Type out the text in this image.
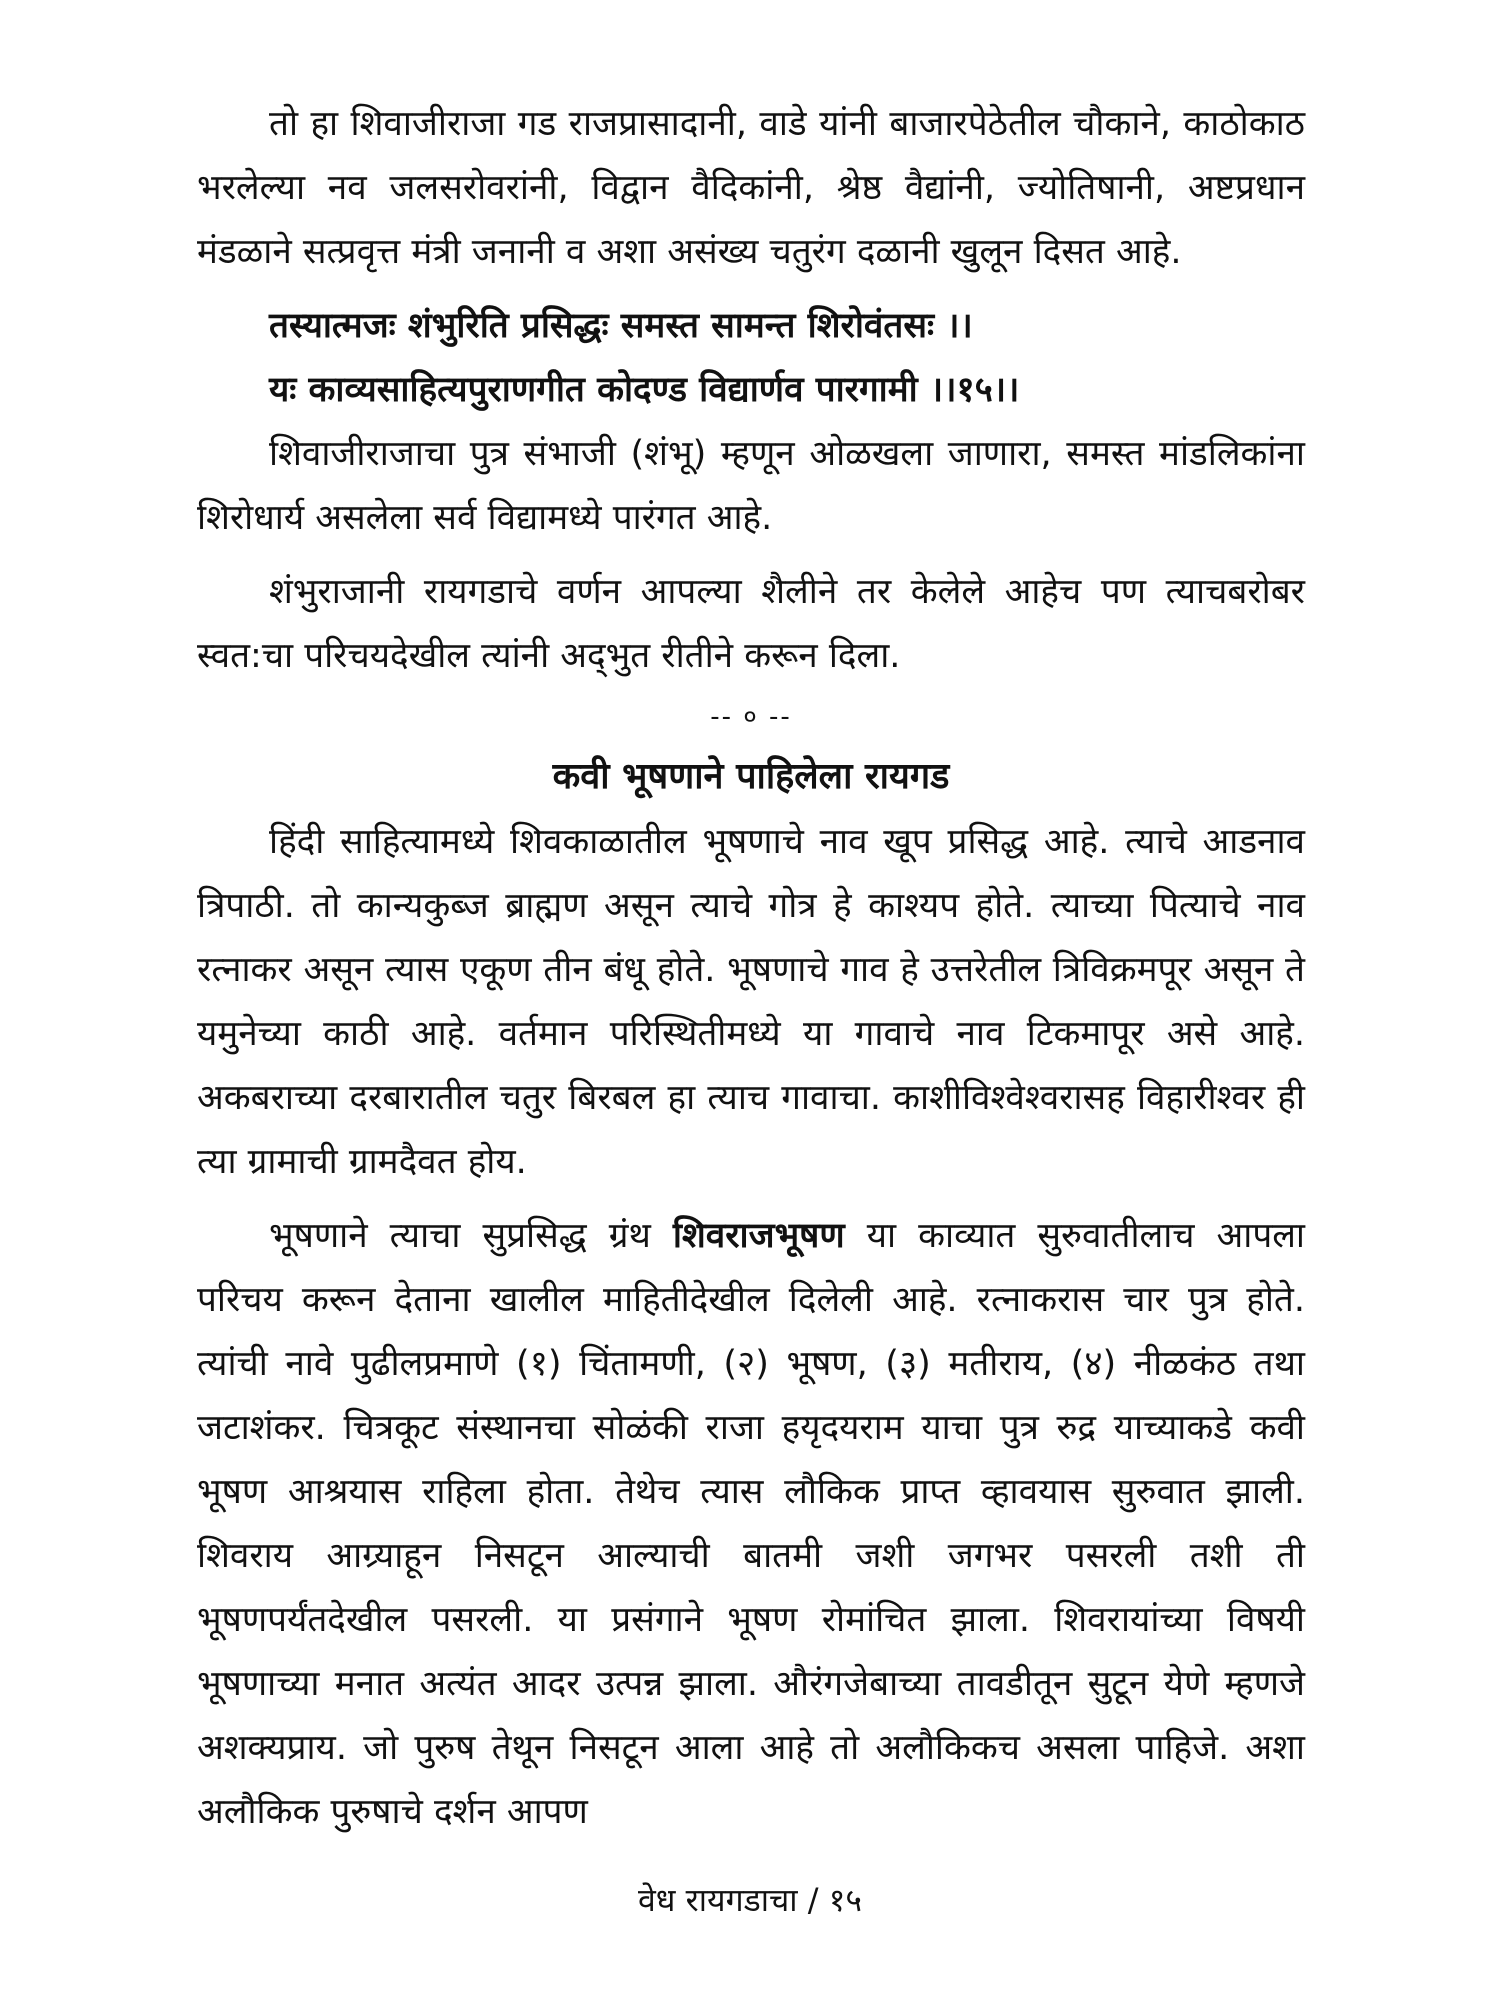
तो हा शिवाजीराजा गड राजप्रासादानी, वाडे यांनी बाजारपेठेतील चौकाने, काठोकाठ भरलेल्या नव जलसरोवरांनी, विद्वान वैदिकांनी, श्रेष्ठ वैद्यांनी, ज्योतिषानी, अष्टप्रधान मंडळाने सत्प्रवृत्त मंत्री जनानी व अशा असंख्य चतुरंग दळानी खुलून दिसत आहे.

तस्यात्मजः शंभुरिति प्रसिद्धः समस्त सामन्त शिरोवंतसः ।।

यः काव्यसाहित्यपुराणगीत कोदण्ड विद्यार्णव पारगामी ।।१५।।

शिवाजीराजाचा पुत्र संभाजी (शंभू) म्हणून ओळखला जाणारा, समस्त मांडलिकांना शिरोधार्य असलेला सर्व विद्यामध्ये पारंगत आहे.

शंभुराजानी रायगडाचे वर्णन आपल्या शैलीने तर केलेले आहेच पण त्याचबरोबर स्वत:चा परिचयदेखील त्यांनी अद्‌भुत रीतीने करून दिला.

-- ० --
कवी भूषणाने पाहिलेला रायगड

हिंदी साहित्यामध्ये शिवकाळातील भूषणाचे नाव खूप प्रसिद्ध आहे. त्याचे आडनाव त्रिपाठी. तो कान्यकुब्ज ब्राह्मण असून त्याचे गोत्र हे काश्यप होते. त्याच्या पित्याचे नाव रत्नाकर असून त्यास एकूण तीन बंधू होते. भूषणाचे गाव हे उत्तरेतील त्रिविक्रमपूर असून ते यमुनेच्या काठी आहे. वर्तमान परिस्थितीमध्ये या गावाचे नाव टिकमापूर असे आहे. अकबराच्या दरबारातील चतुर बिरबल हा त्याच गावाचा. काशीविश्वेश्वरासह विहारीश्वर ही त्या ग्रामाची ग्रामदैवत होय.

भूषणाने त्याचा सुप्रसिद्ध ग्रंथ शिवराजभूषण या काव्यात सुरुवातीलाच आपला परिचय करून देताना खालील माहितीदेखील दिलेली आहे. रत्नाकरास चार पुत्र होते. त्यांची नावे पुढीलप्रमाणे (१) चिंतामणी, (२) भूषण, (३) मतीराय, (४) नीळकंठ तथा जटाशंकर. चित्रकूट संस्थानचा सोळंकी राजा हयृदयराम याचा पुत्र रुद्र याच्याकडे कवी भूषण आश्रयास राहिला होता. तेथेच त्यास लौकिक प्राप्त व्हावयास सुरुवात झाली. शिवराय आग्र्याहून निसटून आल्याची बातमी जशी जगभर पसरली तशी ती भूषणपर्यंतदेखील पसरली. या प्रसंगाने भूषण रोमांचित झाला. शिवरायांच्या विषयी भूषणाच्या मनात अत्यंत आदर उत्पन्न झाला. औरंगजेबाच्या तावडीतून सुटून येणे म्हणजे अशक्यप्राय. जो पुरुष तेथून निसटून आला आहे तो अलौकिकच असला पाहिजे. अशा अलौकिक पुरुषाचे दर्शन आपण

वेध रायगडाचा / १५
